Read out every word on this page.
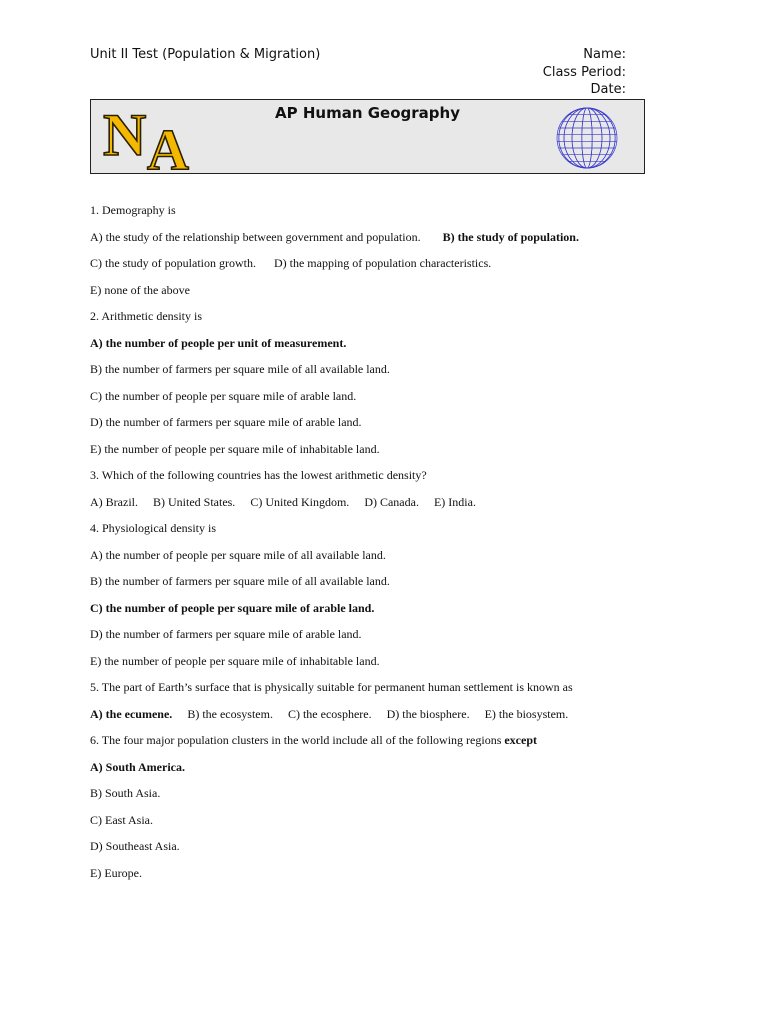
Unit II Test (Population & Migration)	Name:
Class Period:
Date:
N A
AP Human Geography
1. Demography is
A) the study of the relationship between government and population. B) the study of population.
C) the study of population growth. D) the mapping of population characteristics.
E) none of the above
2. Arithmetic density is
A) the number of people per unit of measurement.
B) the number of farmers per square mile of all available land.
C) the number of people per square mile of arable land.
D) the number of farmers per square mile of arable land.
E) the number of people per square mile of inhabitable land.
3. Which of the following countries has the lowest arithmetic density?
A) Brazil. B) United States. C) United Kingdom. D) Canada. E) India.
4. Physiological density is
A) the number of people per square mile of all available land.
B) the number of farmers per square mile of all available land.
C) the number of people per square mile of arable land.
D) the number of farmers per square mile of arable land.
E) the number of people per square mile of inhabitable land.
5. The part of Earth’s surface that is physically suitable for permanent human settlement is known as
A) the ecumene. B) the ecosystem. C) the ecosphere. D) the biosphere. E) the biosystem.
6. The four major population clusters in the world include all of the following regions except
A) South America.
B) South Asia.
C) East Asia.
D) Southeast Asia.
E) Europe.
